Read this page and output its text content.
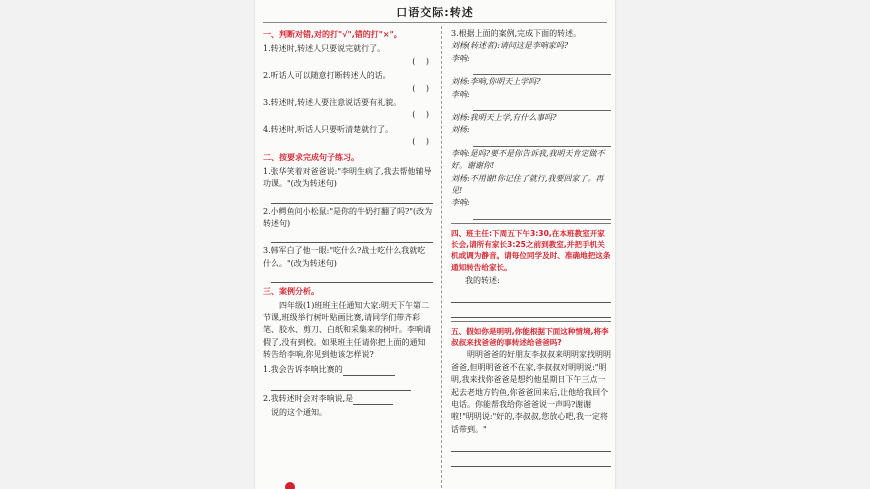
口语交际:转述
一、判断对错,对的打"√",错的打"×"。
1.转述时,转述人只要说完就行了。
( )
2.听话人可以随意打断转述人的话。
( )
3.转述时,转述人要注意说话要有礼貌。
( )
4.转述时,听话人只要听清楚就行了。
( )
二、按要求完成句子练习。
1.张华笑着对爸爸说:"李明生病了,我去帮他辅导功课。"(改为转述句)
2.小鳄鱼问小松鼠:"是你的牛奶打翻了吗?"(改为转述句)
3.韩军白了他一眼:"吃什么?战士吃什么我就吃什么。"(改为转述句)
三、案例分析。
四年级(1)班班主任通知大家:明天下午第二节课,班级举行树叶贴画比赛,请同学们带齐彩笔、胶水、剪刀、白纸和采集来的树叶。李响请假了,没有到校。如果班主任请你把上面的通知转告给李响,你见到他该怎样说?
1.我会告诉李响比赛的
2.我转述时会对李响说,是
说的这个通知。
3.根据上面的案例,完成下面的转述。
刘杨(转述者):请问这是李响家吗?
李响:
刘杨:李响,你明天上学吗?
李响:
刘杨:我明天上学,有什么事吗?
刘杨:
李响:是吗?要不是你告诉我,我明天肯定做不好。谢谢你!
刘杨:不用谢!你记住了就行,我要回家了。再见!
李响:
四、班主任:下周五下午3:30,在本班教室开家长会,请所有家长3:25之前到教室,并把手机关机或调为静音。请每位同学及时、准确地把这条通知转告给家长。
我的转述:
五、假如你是明明,你能根据下面这种情境,将李叔叔来找爸爸的事转述给爸爸吗?
明明爸爸的好朋友李叔叔来明明家找明明爸爸,但明明爸爸不在家,李叔叔对明明说:"明明,我来找你爸爸是想约他星期日下午三点一起去老地方钓鱼,你爸爸回来后,让他给我回个电话。你能帮我给你爸爸说一声吗?谢谢啦!"明明说:"好的,李叔叔,您放心吧,我一定将话带到。"
